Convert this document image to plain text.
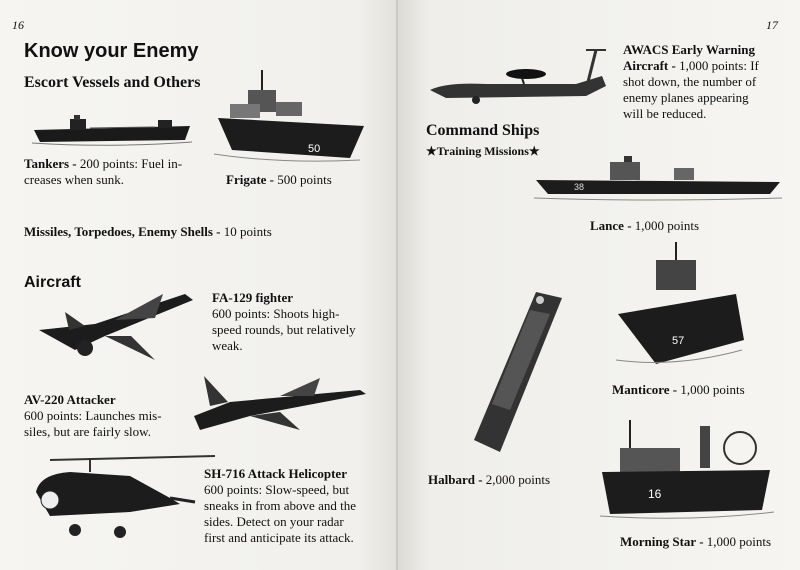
16
Know your Enemy
Escort Vessels and Others
50
Tankers - 200 points: Fuel in-
creases when sunk.	Frigate - 500 points
Missiles, Torpedoes, Enemy Shells - 10 points
Aircraft
FA-129 fighter
600 points: Shoots high-
speed rounds, but relatively
weak.
AV-220 Attacker
600 points: Launches mis-
siles, but are fairly slow.
SH-716 Attack Helicopter
600 points: Slow-speed, but
sneaks in from above and the
sides. Detect on your radar
first and anticipate its attack.
17
AWACS Early Warning
Aircraft - 1,000 points: If
shot down, the number of
enemy planes appearing
will be reduced.
Command Ships
★Training Missions★
38
Lance - 1,000 points
57
Manticore - 1,000 points
Halbard - 2,000 points
16
Morning Star - 1,000 points
